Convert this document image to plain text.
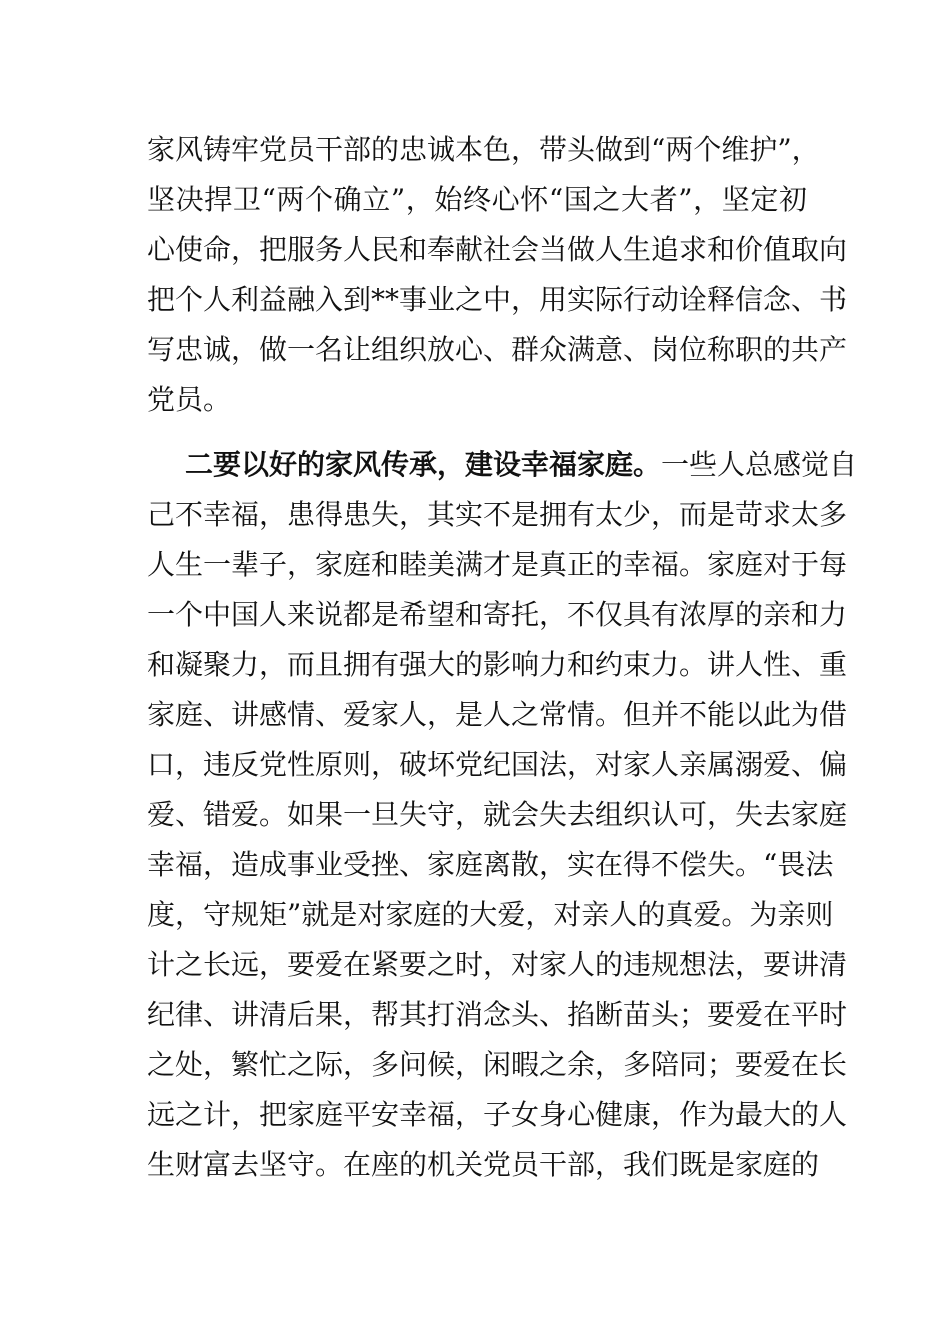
家风铸牢党员干部的忠诚本色，带头做到“两个维护”，
坚决捍卫“两个确立”，始终心怀“国之大者”，坚定初
心使命，把服务人民和奉献社会当做人生追求和价值取向
把个人利益融入到**事业之中，用实际行动诠释信念、书
写忠诚，做一名让组织放心、群众满意、岗位称职的共产
党员。
二要以好的家风传承，建设幸福家庭。一些人总感觉自
己不幸福，患得患失，其实不是拥有太少，而是苛求太多
人生一辈子，家庭和睦美满才是真正的幸福。家庭对于每
一个中国人来说都是希望和寄托，不仅具有浓厚的亲和力
和凝聚力，而且拥有强大的影响力和约束力。讲人性、重
家庭、讲感情、爱家人，是人之常情。但并不能以此为借
口，违反党性原则，破坏党纪国法，对家人亲属溺爱、偏
爱、错爱。如果一旦失守，就会失去组织认可，失去家庭
幸福，造成事业受挫、家庭离散，实在得不偿失。“畏法
度，守规矩”就是对家庭的大爱，对亲人的真爱。为亲则
计之长远，要爱在紧要之时，对家人的违规想法，要讲清
纪律、讲清后果，帮其打消念头、掐断苗头；要爱在平时
之处，繁忙之际，多问候，闲暇之余，多陪同；要爱在长
远之计，把家庭平安幸福，子女身心健康，作为最大的人
生财富去坚守。在座的机关党员干部，我们既是家庭的
